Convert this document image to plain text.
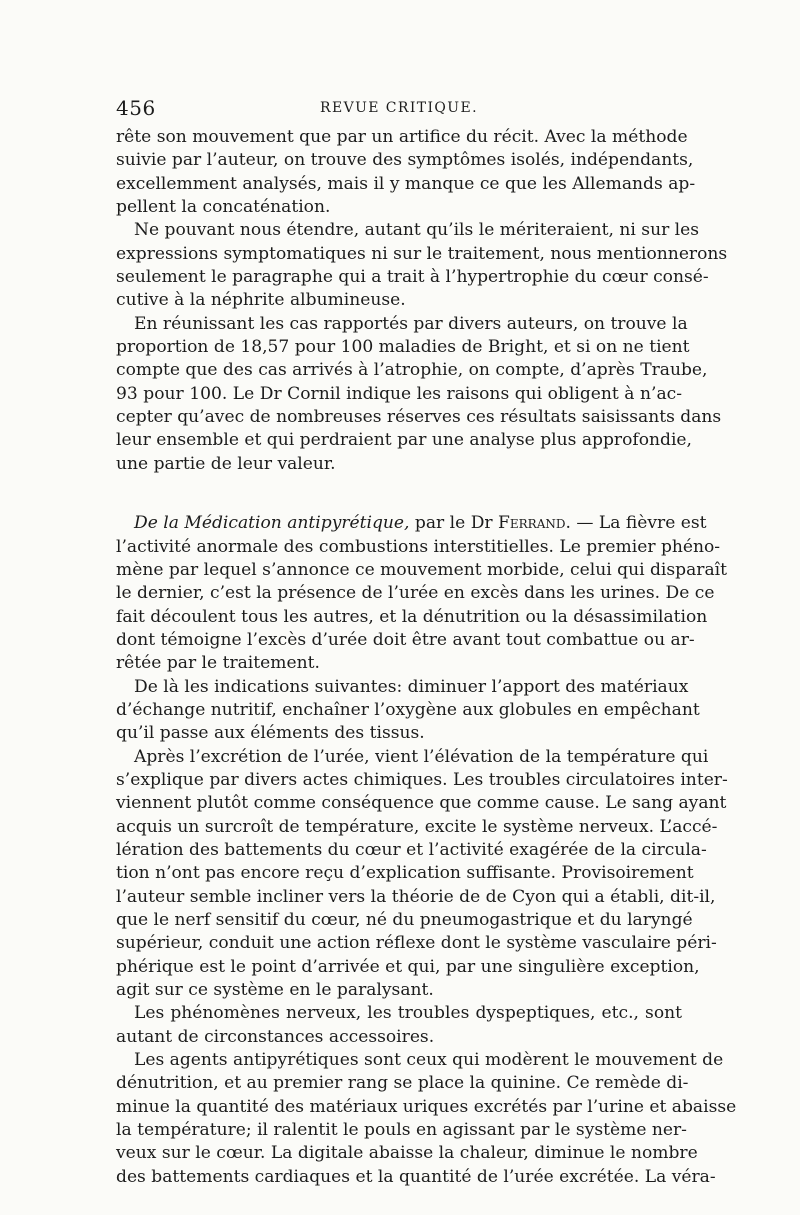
456	REVUE CRITIQUE.
rête son mouvement que par un artifice du récit. Avec la méthode
suivie par l’auteur, on trouve des symptômes isolés, indépendants,
excellemment analysés, mais il y manque ce que les Allemands ap-
pellent la concaténation.
Ne pouvant nous étendre, autant qu’ils le mériteraient, ni sur les
expressions symptomatiques ni sur le traitement, nous mentionnerons
seulement le paragraphe qui a trait à l’hypertrophie du cœur consé-
cutive à la néphrite albumineuse.
En réunissant les cas rapportés par divers auteurs, on trouve la
proportion de 18,57 pour 100 maladies de Bright, et si on ne tient
compte que des cas arrivés à l’atrophie, on compte, d’après Traube,
93 pour 100. Le Dr Cornil indique les raisons qui obligent à n’ac-
cepter qu’avec de nombreuses réserves ces résultats saisissants dans
leur ensemble et qui perdraient par une analyse plus approfondie,
une partie de leur valeur.
De la Médication antipyrétique, par le Dr Ferrand. — La fièvre est
l’activité anormale des combustions interstitielles. Le premier phéno-
mène par lequel s’annonce ce mouvement morbide, celui qui disparaît
le dernier, c’est la présence de l’urée en excès dans les urines. De ce
fait découlent tous les autres, et la dénutrition ou la désassimilation
dont témoigne l’excès d’urée doit être avant tout combattue ou ar-
rêtée par le traitement.
De là les indications suivantes: diminuer l’apport des matériaux
d’échange nutritif, enchaîner l’oxygène aux globules en empêchant
qu’il passe aux éléments des tissus.
Après l’excrétion de l’urée, vient l’élévation de la température qui
s’explique par divers actes chimiques. Les troubles circulatoires inter-
viennent plutôt comme conséquence que comme cause. Le sang ayant
acquis un surcroît de température, excite le système nerveux. L’accé-
lération des battements du cœur et l’activité exagérée de la circula-
tion n’ont pas encore reçu d’explication suffisante. Provisoirement
l’auteur semble incliner vers la théorie de de Cyon qui a établi, dit-il,
que le nerf sensitif du cœur, né du pneumogastrique et du laryngé
supérieur, conduit une action réflexe dont le système vasculaire péri-
phérique est le point d’arrivée et qui, par une singulière exception,
agit sur ce système en le paralysant.
Les phénomènes nerveux, les troubles dyspeptiques, etc., sont
autant de circonstances accessoires.
Les agents antipyrétiques sont ceux qui modèrent le mouvement de
dénutrition, et au premier rang se place la quinine. Ce remède di-
minue la quantité des matériaux uriques excrétés par l’urine et abaisse
la température; il ralentit le pouls en agissant par le système ner-
veux sur le cœur. La digitale abaisse la chaleur, diminue le nombre
des battements cardiaques et la quantité de l’urée excrétée. La véra-
